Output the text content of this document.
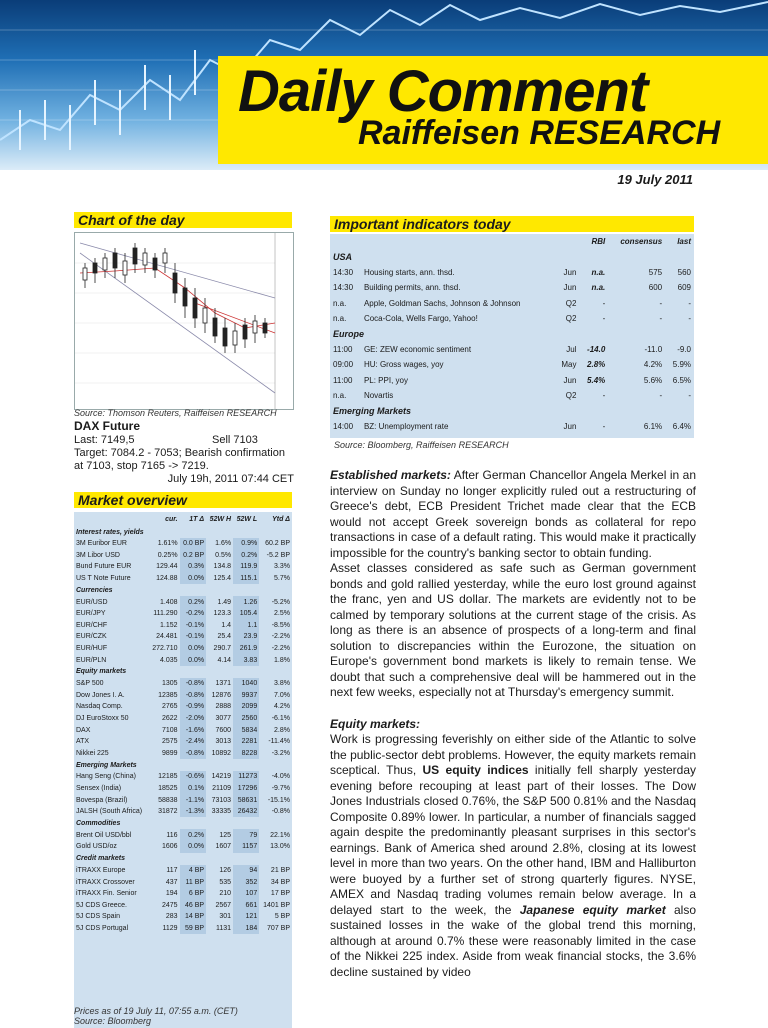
Daily Comment
Raiffeisen RESEARCH
19 July 2011
Chart of the day
Source: Thomson Reuters, Raiffeisen RESEARCH
DAX Future
Last: 7149,5	Sell 7103

Target: 7084.2 - 7053; Bearish confirmation at 7103, stop 7165 -> 7219.

July 19h, 2011 07:44 CET
Market overview
	cur.	1T Δ	52W H	52W L	Ytd Δ
Interest rates, yields					
3M Euribor EUR	1.61%	0.0 BP	1.6%	0.9%	60.2 BP
3M Libor USD	0.25%	0.2 BP	0.5%	0.2%	-5.2 BP
Bund Future EUR	129.44	0.3%	134.8	119.9	3.3%
US T Note Future	124.88	0.0%	125.4	115.1	5.7%
Currencies					
EUR/USD	1.408	0.2%	1.49	1.26	-5.2%
EUR/JPY	111.290	-0.2%	123.3	105.4	2.5%
EUR/CHF	1.152	-0.1%	1.4	1.1	-8.5%
EUR/CZK	24.481	-0.1%	25.4	23.9	-2.2%
EUR/HUF	272.710	0.0%	290.7	261.9	-2.2%
EUR/PLN	4.035	0.0%	4.14	3.83	1.8%
Equity markets					
S&P 500	1305	-0.8%	1371	1040	3.8%
Dow Jones I. A.	12385	-0.8%	12876	9937	7.0%
Nasdaq Comp.	2765	-0.9%	2888	2099	4.2%
DJ EuroStoxx 50	2622	-2.0%	3077	2560	-6.1%
DAX	7108	-1.6%	7600	5834	2.8%
ATX	2575	-2.4%	3013	2281	-11.4%
Nikkei 225	9899	-0.8%	10892	8228	-3.2%
Emerging Markets					
Hang Seng (China)	12185	-0.6%	14219	11273	-4.0%
Sensex (India)	18525	0.1%	21109	17296	-9.7%
Bovespa (Brazil)	58838	-1.1%	73103	58631	-15.1%
JALSH (South Africa)	31872	-1.3%	33335	26432	-0.8%
Commodities					
Brent Oil USD/bbl	116	0.2%	125	79	22.1%
Gold USD/oz	1606	0.0%	1607	1157	13.0%
Credit markets					
iTRAXX Europe	117	4 BP	126	94	21 BP
iTRAXX Crossover	437	11 BP	535	352	34 BP
iTRAXX Fin. Senior	194	6 BP	210	107	17 BP
5J CDS Greece.	2475	46 BP	2567	661	1401 BP
5J CDS Spain	283	14 BP	301	121	5 BP
5J CDS Portugal	1129	59 BP	1131	184	707 BP
Prices as of 19 July 11, 07:55 a.m. (CET)
Source: Bloomberg
Important indicators today
			RBI	consensus	last
USA					
14:30	Housing starts, ann. thsd.	Jun	n.a.	575	560
14:30	Building permits, ann. thsd.	Jun	n.a.	600	609
n.a.	Apple, Goldman Sachs, Johnson & Johnson	Q2	-	-	-
n.a.	Coca-Cola, Wells Fargo, Yahoo!	Q2	-	-	-
Europe					
11:00	GE: ZEW economic sentiment	Jul	-14.0	-11.0	-9.0
09:00	HU: Gross wages, yoy	May	2.8%	4.2%	5.9%
11:00	PL: PPI, yoy	Jun	5.4%	5.6%	6.5%
n.a.	Novartis	Q2	-	-	-
Emerging Markets					
14:00	BZ: Unemployment rate	Jun	-	6.1%	6.4%
Source: Bloomberg, Raiffeisen RESEARCH

Established markets: After German Chancellor Angela Merkel in an interview on Sunday no longer explicitly ruled out a restructuring of Greece's debt, ECB President Trichet made clear that the ECB would not accept Greek sovereign bonds as collateral for repo transactions in case of a default rating. This would make it practically impossible for the country's banking sector to obtain funding.

Asset classes considered as safe such as German government bonds and gold rallied yesterday, while the euro lost ground against the franc, yen and US dollar. The markets are evidently not to be calmed by temporary solutions at the current stage of the crisis. As long as there is an absence of prospects of a long-term and final solution to discrepancies within the Eurozone, the situation on Europe's government bond markets is likely to remain tense. We doubt that such a comprehensive deal will be hammered out in the next few weeks, especially not at Thursday's emergency summit.

Equity markets:

Work is progressing feverishly on either side of the Atlantic to solve the public-sector debt problems. However, the equity markets remain sceptical. Thus, US equity indices initially fell sharply yesterday evening before recouping at least part of their losses. The Dow Jones Industrials closed 0.76%, the S&P 500 0.81% and the Nasdaq Composite 0.89% lower. In particular, a number of financials sagged again despite the predominantly pleasant surprises in this sector's earnings. Bank of America shed around 2.8%, closing at its lowest level in more than two years. On the other hand, IBM and Halliburton were buoyed by a further set of strong quarterly figures. NYSE, AMEX and Nasdaq trading volumes remain below average. In a delayed start to the week, the Japanese equity market also sustained losses in the wake of the global trend this morning, although at around 0.7% these were reasonably limited in the case of the Nikkei 225 index. Aside from weak financial stocks, the 3.6% decline sustained by video
